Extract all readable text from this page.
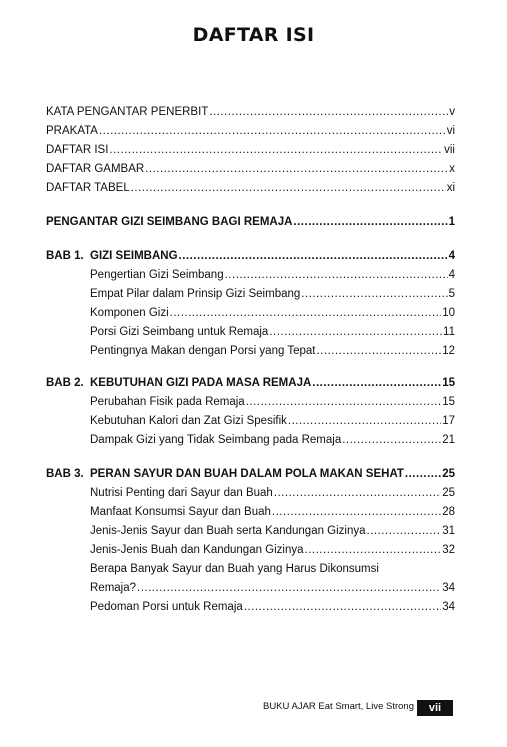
DAFTAR ISI
KATA PENGANTAR PENERBIT .....	v
PRAKATA .....	vi
DAFTAR ISI .....	vii
DAFTAR GAMBAR .....	x
DAFTAR TABEL .....	xi
PENGANTAR GIZI SEIMBANG BAGI REMAJA .....	1
BAB 1. GIZI SEIMBANG .....	4
Pengertian Gizi Seimbang .....	4
Empat Pilar dalam Prinsip Gizi Seimbang .....	5
Komponen Gizi .....	10
Porsi Gizi Seimbang untuk Remaja .....	11
Pentingnya Makan dengan Porsi yang Tepat .....	12
BAB 2. KEBUTUHAN GIZI PADA MASA REMAJA .....	15
Perubahan Fisik pada Remaja .....	15
Kebutuhan Kalori dan Zat Gizi Spesifik .....	17
Dampak Gizi yang Tidak Seimbang pada Remaja .....	21
BAB 3. PERAN SAYUR DAN BUAH DALAM POLA MAKAN SEHAT .....	25
Nutrisi Penting dari Sayur dan Buah .....	25
Manfaat Konsumsi Sayur dan Buah .....	28
Jenis-Jenis Sayur dan Buah serta Kandungan Gizinya .....	31
Jenis-Jenis Buah dan Kandungan Gizinya .....	32
Berapa Banyak Sayur dan Buah yang Harus Dikonsumsi
Remaja? .....	34
Pedoman Porsi untuk Remaja .....	34
BUKU AJAR Eat Smart, Live Strong	vii
